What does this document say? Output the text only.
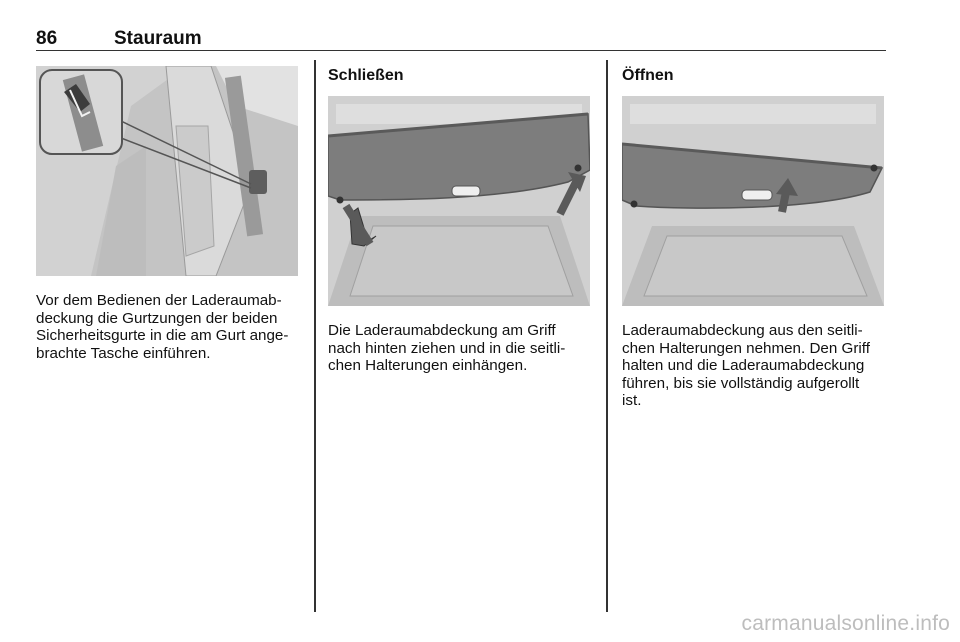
86	Stauraum

Vor dem Bedienen der Laderaumab-
deckung die Gurtzungen der beiden
Sicherheitsgurte in die am Gurt ange-
brachte Tasche einführen.

Schließen

Die Laderaumabdeckung am Griff
nach hinten ziehen und in die seitli-
chen Halterungen einhängen.

Öffnen

Laderaumabdeckung aus den seitli-
chen Halterungen nehmen. Den Griff
halten und die Laderaumabdeckung
führen, bis sie vollständig aufgerollt
ist.

carmanualsonline.info
